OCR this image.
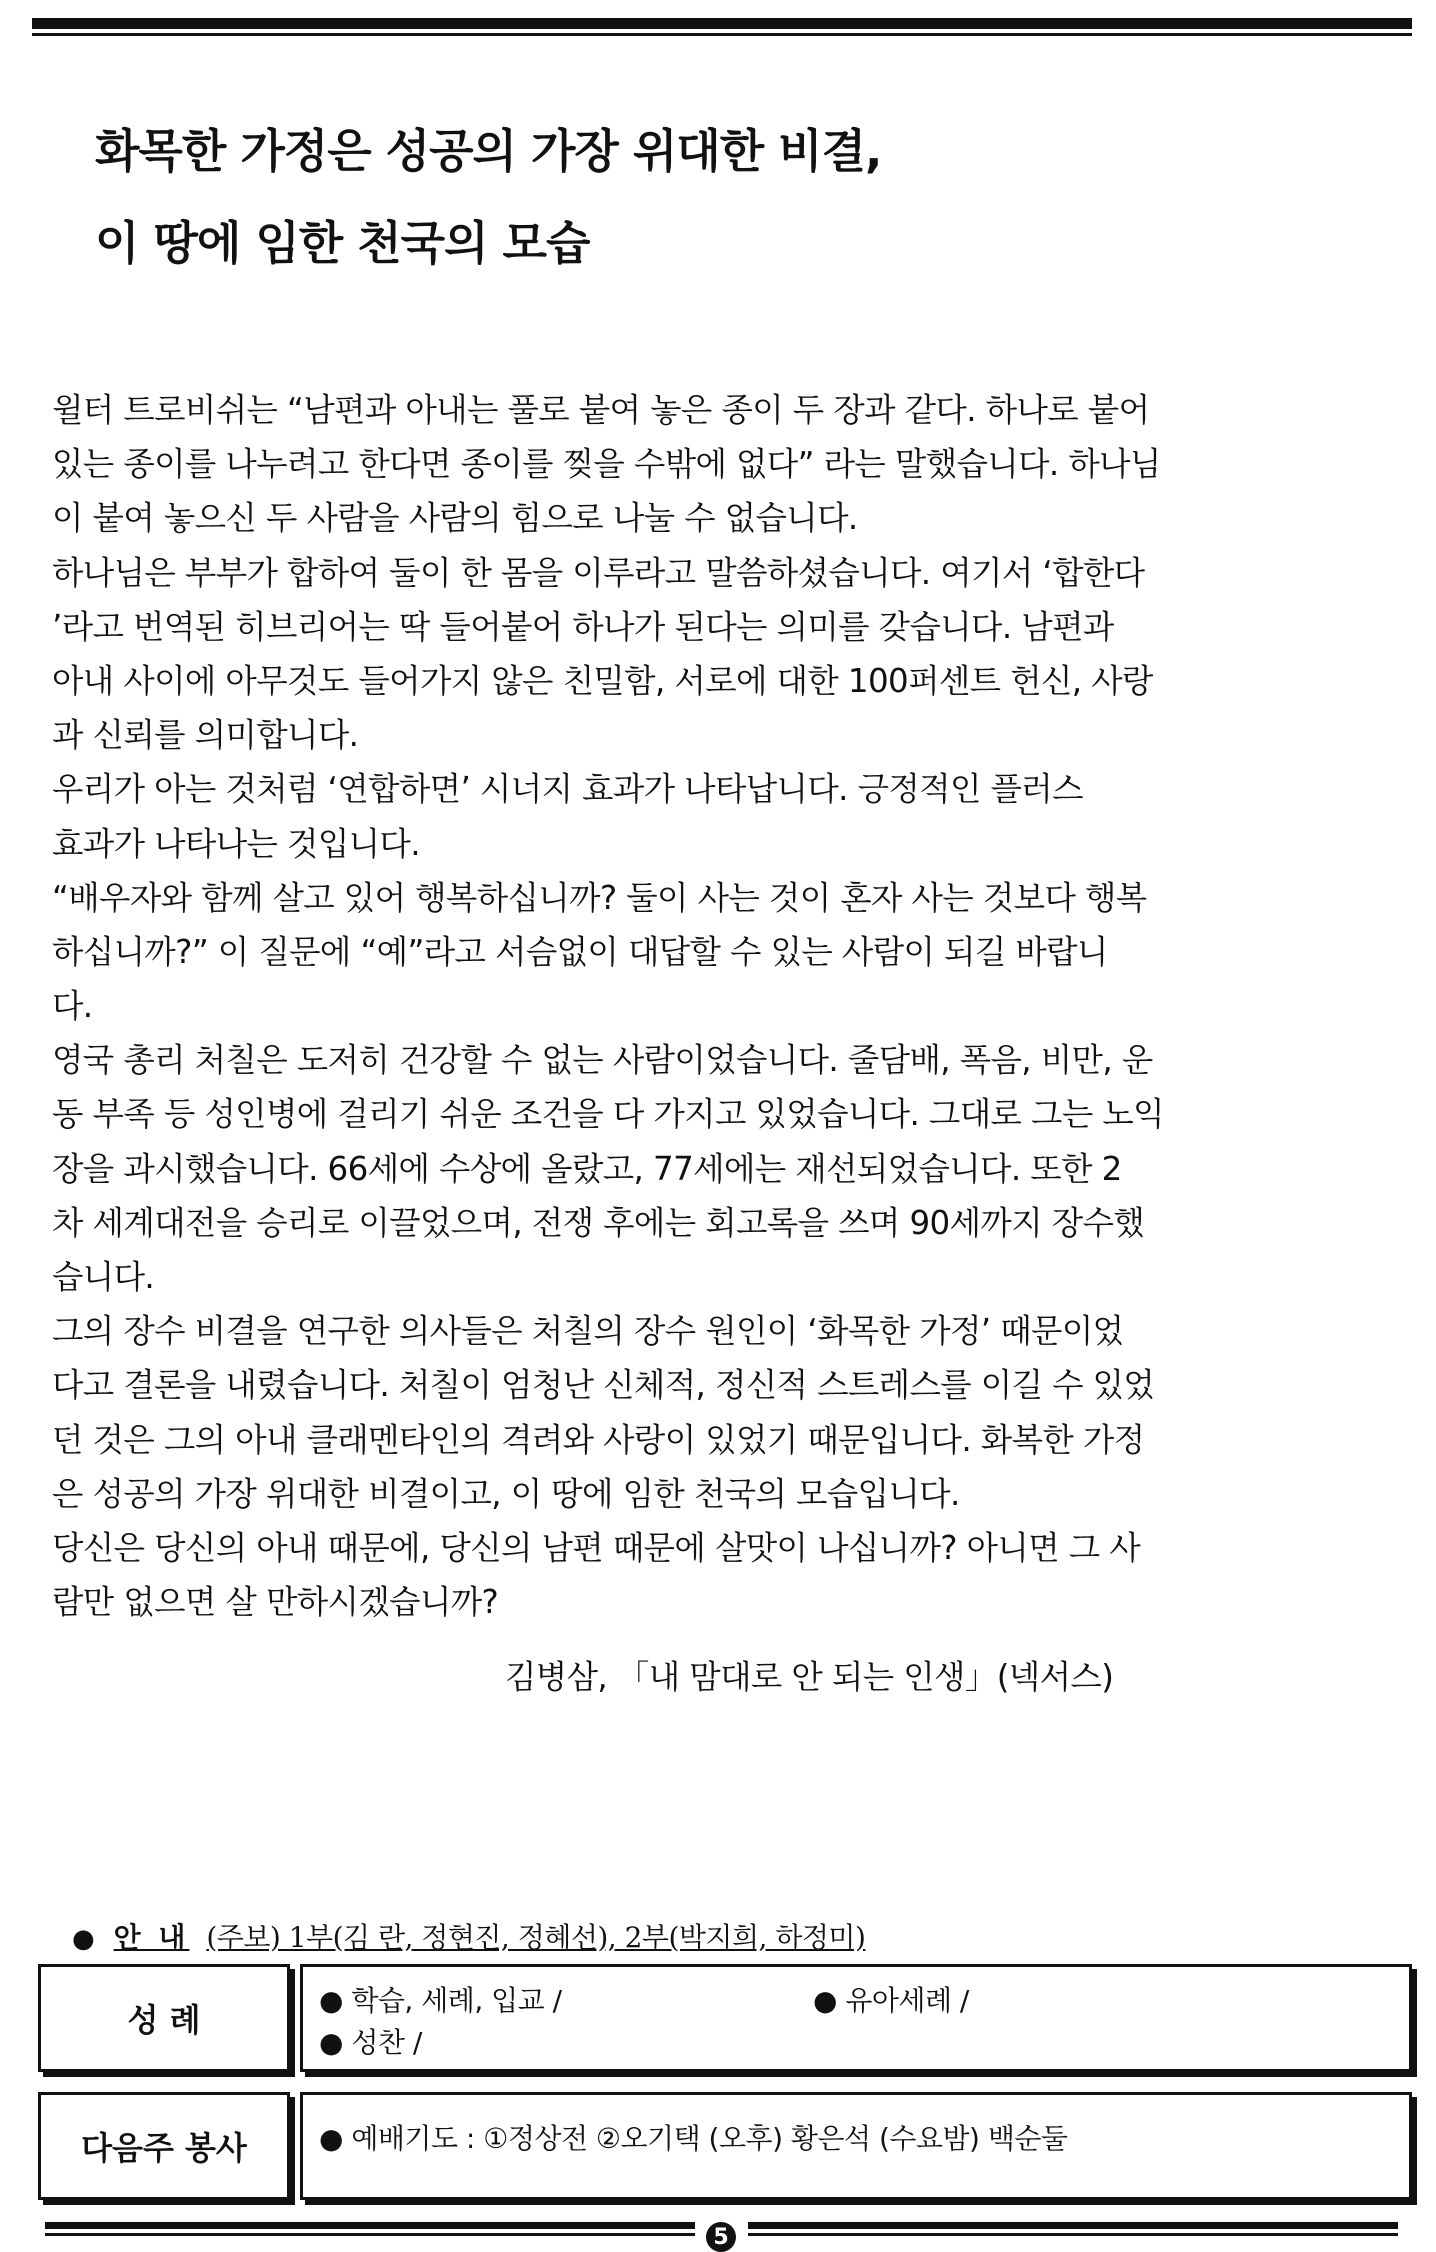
화목한 가정은 성공의 가장 위대한 비결,
이 땅에 임한 천국의 모습
윌터 트로비쉬는 “남편과 아내는 풀로 붙여 놓은 종이 두 장과 같다. 하나로 붙어
있는 종이를 나누려고 한다면 종이를 찢을 수밖에 없다” 라는 말했습니다. 하나님
이 붙여 놓으신 두 사람을 사람의 힘으로 나눌 수 없습니다.
하나님은 부부가 합하여 둘이 한 몸을 이루라고 말씀하셨습니다. 여기서 ‘합한다
’라고 번역된 히브리어는 딱 들어붙어 하나가 된다는 의미를 갖습니다. 남편과
아내 사이에 아무것도 들어가지 않은 친밀함, 서로에 대한 100퍼센트 헌신, 사랑
과 신뢰를 의미합니다.
우리가 아는 것처럼 ‘연합하면’ 시너지 효과가 나타납니다. 긍정적인 플러스
효과가 나타나는 것입니다.
“배우자와 함께 살고 있어 행복하십니까? 둘이 사는 것이 혼자 사는 것보다 행복
하십니까?” 이 질문에 “예”라고 서슴없이 대답할 수 있는 사람이 되길 바랍니
다.
영국 총리 처칠은 도저히 건강할 수 없는 사람이었습니다. 줄담배, 폭음, 비만, 운
동 부족 등 성인병에 걸리기 쉬운 조건을 다 가지고 있었습니다. 그대로 그는 노익
장을 과시했습니다. 66세에 수상에 올랐고, 77세에는 재선되었습니다. 또한 2
차 세계대전을 승리로 이끌었으며, 전쟁 후에는 회고록을 쓰며 90세까지 장수했
습니다.
그의 장수 비결을 연구한 의사들은 처칠의 장수 원인이 ‘화목한 가정’ 때문이었
다고 결론을 내렸습니다. 처칠이 엄청난 신체적, 정신적 스트레스를 이길 수 있었
던 것은 그의 아내 클래멘타인의 격려와 사랑이 있었기 때문입니다. 화복한 가정
은 성공의 가장 위대한 비결이고, 이 땅에 임한 천국의 모습입니다.
당신은 당신의 아내 때문에, 당신의 남편 때문에 살맛이 나십니까? 아니면 그 사
람만 없으면 살 만하시겠습니까?
김병삼, 「내 맘대로 안 되는 인생」(넥서스)
● 안 내 (주보) 1부(김 란, 정현진, 정혜선), 2부(박지희, 하정미)
성 례
● 학습, 세례, 입교 /	● 유아세례 /
● 성찬 /
다음주 봉사	● 예배기도 : ①정상전 ②오기택 (오후) 황은석 (수요밤) 백순둘
5
